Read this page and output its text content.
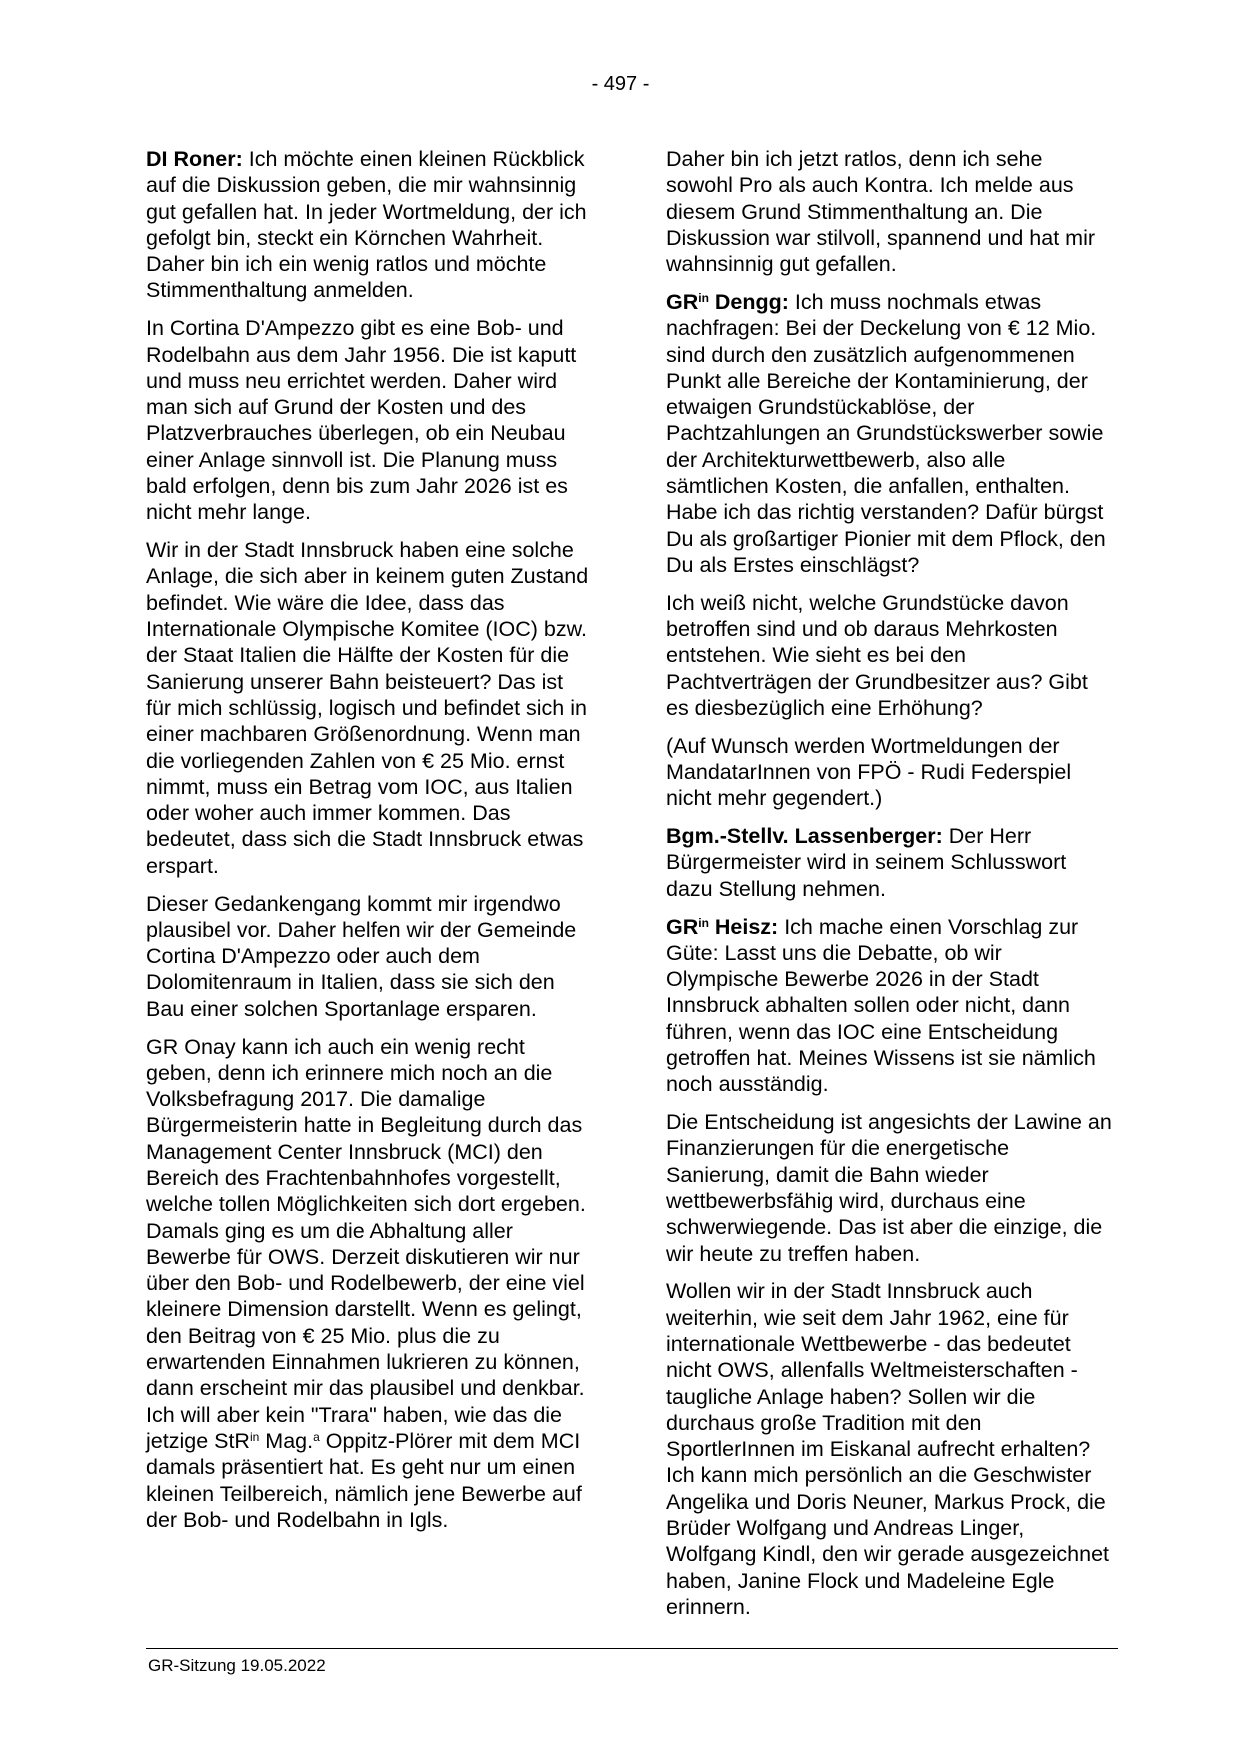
- 497 -

DI Roner: Ich möchte einen kleinen Rückblick auf die Diskussion geben, die mir wahnsinnig gut gefallen hat. In jeder Wortmeldung, der ich gefolgt bin, steckt ein Körnchen Wahrheit. Daher bin ich ein wenig ratlos und möchte Stimmenthaltung anmelden.

In Cortina D'Ampezzo gibt es eine Bob- und Rodelbahn aus dem Jahr 1956. Die ist kaputt und muss neu errichtet werden. Daher wird man sich auf Grund der Kosten und des Platzverbrauches überlegen, ob ein Neubau einer Anlage sinnvoll ist. Die Planung muss bald erfolgen, denn bis zum Jahr 2026 ist es nicht mehr lange.

Wir in der Stadt Innsbruck haben eine solche Anlage, die sich aber in keinem guten Zustand befindet. Wie wäre die Idee, dass das Internationale Olympische Komitee (IOC) bzw. der Staat Italien die Hälfte der Kosten für die Sanierung unserer Bahn beisteuert? Das ist für mich schlüssig, logisch und befindet sich in einer machbaren Größenordnung. Wenn man die vorliegenden Zahlen von € 25 Mio. ernst nimmt, muss ein Betrag vom IOC, aus Italien oder woher auch immer kommen. Das bedeutet, dass sich die Stadt Innsbruck etwas erspart.

Dieser Gedankengang kommt mir irgendwo plausibel vor. Daher helfen wir der Gemeinde Cortina D'Ampezzo oder auch dem Dolomitenraum in Italien, dass sie sich den Bau einer solchen Sportanlage ersparen.

GR Onay kann ich auch ein wenig recht geben, denn ich erinnere mich noch an die Volksbefragung 2017. Die damalige Bürgermeisterin hatte in Begleitung durch das Management Center Innsbruck (MCI) den Bereich des Frachtenbahnhofes vorgestellt, welche tollen Möglichkeiten sich dort ergeben. Damals ging es um die Abhaltung aller Bewerbe für OWS. Derzeit diskutieren wir nur über den Bob- und Rodelbewerb, der eine viel kleinere Dimension darstellt. Wenn es gelingt, den Beitrag von € 25 Mio. plus die zu erwartenden Einnahmen lukrieren zu können, dann erscheint mir das plausibel und denkbar. Ich will aber kein "Trara" haben, wie das die jetzige StR$^{in}$ Mag.$^a$ Oppitz-Plörer mit dem MCI damals präsentiert hat. Es geht nur um einen kleinen Teilbereich, nämlich jene Bewerbe auf der Bob- und Rodelbahn in Igls.

Daher bin ich jetzt ratlos, denn ich sehe sowohl Pro als auch Kontra. Ich melde aus diesem Grund Stimmenthaltung an. Die Diskussion war stilvoll, spannend und hat mir wahnsinnig gut gefallen.

$GR^{in}$ Dengg: Ich muss nochmals etwas nachfragen: Bei der Deckelung von € 12 Mio. sind durch den zusätzlich aufgenommenen Punkt alle Bereiche der Kontaminierung, der etwaigen Grundstückablöse, der Pachtzahlungen an Grundstückswerber sowie der Architekturwettbewerb, also alle sämtlichen Kosten, die anfallen, enthalten. Habe ich das richtig verstanden? Dafür bürgst Du als großartiger Pionier mit dem Pflock, den Du als Erstes einschlägst?

Ich weiß nicht, welche Grundstücke davon betroffen sind und ob daraus Mehrkosten entstehen. Wie sieht es bei den Pachtverträgen der Grundbesitzer aus? Gibt es diesbezüglich eine Erhöhung?

(Auf Wunsch werden Wortmeldungen der MandatarInnen von FPÖ - Rudi Federspiel nicht mehr gegendert.)

Bgm.-Stellv. Lassenberger: Der Herr Bürgermeister wird in seinem Schlusswort dazu Stellung nehmen.

$GR^{in}$ Heisz: Ich mache einen Vorschlag zur Güte: Lasst uns die Debatte, ob wir Olympische Bewerbe 2026 in der Stadt Innsbruck abhalten sollen oder nicht, dann führen, wenn das IOC eine Entscheidung getroffen hat. Meines Wissens ist sie nämlich noch ausständig.

Die Entscheidung ist angesichts der Lawine an Finanzierungen für die energetische Sanierung, damit die Bahn wieder wettbewerbsfähig wird, durchaus eine schwerwiegende. Das ist aber die einzige, die wir heute zu treffen haben.

Wollen wir in der Stadt Innsbruck auch weiterhin, wie seit dem Jahr 1962, eine für internationale Wettbewerbe - das bedeutet nicht OWS, allenfalls Weltmeisterschaften - taugliche Anlage haben? Sollen wir die durchaus große Tradition mit den SportlerInnen im Eiskanal aufrecht erhalten? Ich kann mich persönlich an die Geschwister Angelika und Doris Neuner, Markus Prock, die Brüder Wolfgang und Andreas Linger, Wolfgang Kindl, den wir gerade ausgezeichnet haben, Janine Flock und Madeleine Egle erinnern.

GR-Sitzung 19.05.2022
